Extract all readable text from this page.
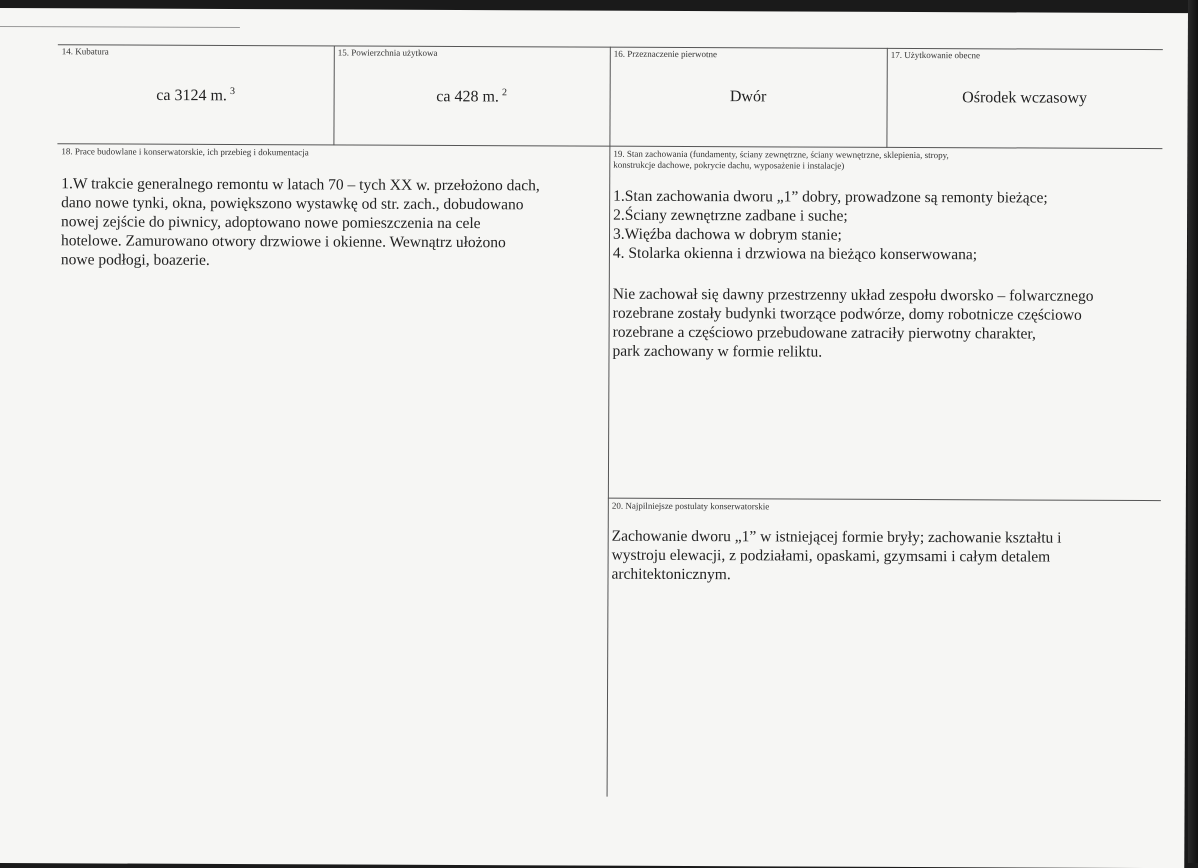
14. Kubatura
ca 3124 m. $^3$
15. Powierzchnia użytkowa
ca 428 m. $^2$
16. Przeznaczenie pierwotne
Dwór
17. Użytkowanie obecne
Ośrodek wczasowy
18. Prace budowlane i konserwatorskie, ich przebieg i dokumentacja

1.W trakcie generalnego remontu w latach 70 – tych XX w. przełożono dach,

dano nowe tynki, okna, powiększono wystawkę od str. zach., dobudowano

nowej zejście do piwnicy, adoptowano nowe pomieszczenia na cele

hotelowe. Zamurowano otwory drzwiowe i okienne. Wewnątrz ułożono

nowe podłogi, boazerie.

19. Stan zachowania (fundamenty, ściany zewnętrzne, ściany wewnętrzne, sklepienia, stropy,
konstrukcje dachowe, pokrycie dachu, wyposażenie i instalacje)

1.Stan zachowania dworu „1” dobry, prowadzone są remonty bieżące;

2.Ściany zewnętrzne zadbane i suche;

3.Więźba dachowa w dobrym stanie;

4. Stolarka okienna i drzwiowa na bieżąco konserwowana;

Nie zachował się dawny przestrzenny układ zespołu dworsko – folwarcznego

rozebrane zostały budynki tworzące podwórze, domy robotnicze częściowo

rozebrane a częściowo przebudowane zatraciły pierwotny charakter,

park zachowany w formie reliktu.

20. Najpilniejsze postulaty konserwatorskie

Zachowanie dworu „1” w istniejącej formie bryły; zachowanie kształtu i

wystroju elewacji, z podziałami, opaskami, gzymsami i całym detalem

architektonicznym.
